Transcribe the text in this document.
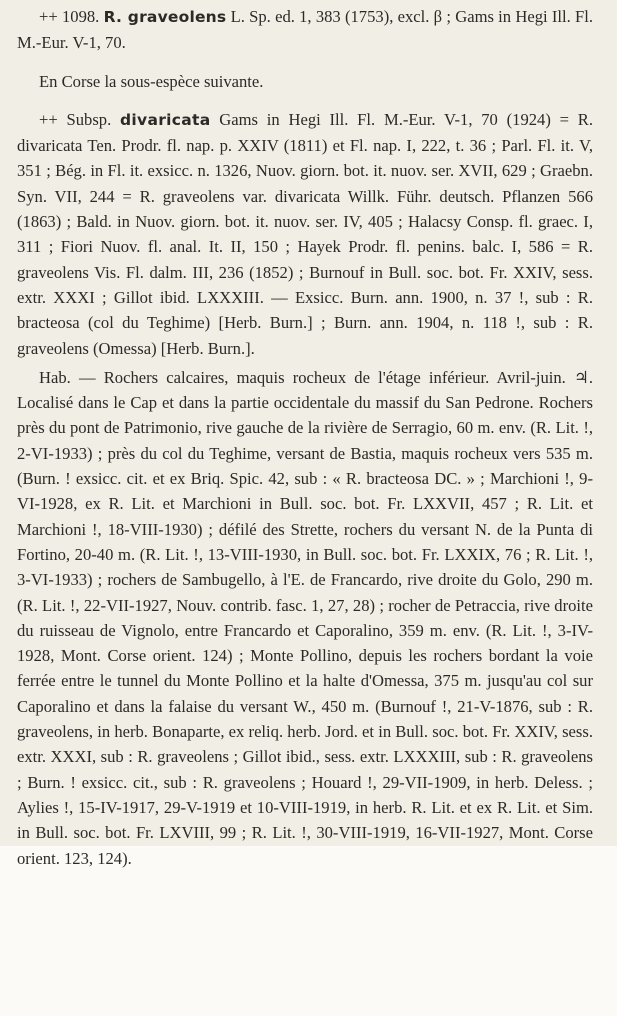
++ 1098. R. graveolens L. Sp. ed. 1, 383 (1753), excl. β ; Gams in Hegi Ill. Fl. M.-Eur. V-1, 70.

En Corse la sous-espèce suivante.

++ Subsp. divaricata Gams in Hegi Ill. Fl. M.-Eur. V-1, 70 (1924) = R. divaricata Ten. Prodr. fl. nap. p. XXIV (1811) et Fl. nap. I, 222, t. 36 ; Parl. Fl. it. V, 351 ; Bég. in Fl. it. exsicc. n. 1326, Nuov. giorn. bot. it. nuov. ser. XVII, 629 ; Graebn. Syn. VII, 244 = R. graveolens var. divaricata Willk. Führ. deutsch. Pflanzen 566 (1863) ; Bald. in Nuov. giorn. bot. it. nuov. ser. IV, 405 ; Halacsy Consp. fl. graec. I, 311 ; Fiori Nuov. fl. anal. It. II, 150 ; Hayek Prodr. fl. penins. balc. I, 586 = R. graveolens Vis. Fl. dalm. III, 236 (1852) ; Burnouf in Bull. soc. bot. Fr. XXIV, sess. extr. XXXI ; Gillot ibid. LXXXIII. — Exsicc. Burn. ann. 1900, n. 37 !, sub : R. bracteosa (col du Teghime) [Herb. Burn.] ; Burn. ann. 1904, n. 118 !, sub : R. graveolens (Omessa) [Herb. Burn.].

Hab. — Rochers calcaires, maquis rocheux de l'étage inférieur. Avril-juin. ♃. Localisé dans le Cap et dans la partie occidentale du massif du San Pedrone. Rochers près du pont de Patrimonio, rive gauche de la rivière de Serragio, 60 m. env. (R. Lit. !, 2-VI-1933) ; près du col du Teghime, versant de Bastia, maquis rocheux vers 535 m. (Burn. ! exsicc. cit. et ex Briq. Spic. 42, sub : « R. bracteosa DC. » ; Marchioni !, 9-VI-1928, ex R. Lit. et Marchioni in Bull. soc. bot. Fr. LXXVII, 457 ; R. Lit. et Marchioni !, 18-VIII-1930) ; défilé des Strette, rochers du versant N. de la Punta di Fortino, 20-40 m. (R. Lit. !, 13-VIII-1930, in Bull. soc. bot. Fr. LXXIX, 76 ; R. Lit. !, 3-VI-1933) ; rochers de Sambugello, à l'E. de Francardo, rive droite du Golo, 290 m. (R. Lit. !, 22-VII-1927, Nouv. contrib. fasc. 1, 27, 28) ; rocher de Petraccia, rive droite du ruisseau de Vignolo, entre Francardo et Caporalino, 359 m. env. (R. Lit. !, 3-IV-1928, Mont. Corse orient. 124) ; Monte Pollino, depuis les rochers bordant la voie ferrée entre le tunnel du Monte Pollino et la halte d'Omessa, 375 m. jusqu'au col sur Caporalino et dans la falaise du versant W., 450 m. (Burnouf !, 21-V-1876, sub : R. graveolens, in herb. Bonaparte, ex reliq. herb. Jord. et in Bull. soc. bot. Fr. XXIV, sess. extr. XXXI, sub : R. graveolens ; Gillot ibid., sess. extr. LXXXIII, sub : R. graveolens ; Burn. ! exsicc. cit., sub : R. graveolens ; Houard !, 29-VII-1909, in herb. Deless. ; Aylies !, 15-IV-1917, 29-V-1919 et 10-VIII-1919, in herb. R. Lit. et ex R. Lit. et Sim. in Bull. soc. bot. Fr. LXVIII, 99 ; R. Lit. !, 30-VIII-1919, 16-VII-1927, Mont. Corse orient. 123, 124).
